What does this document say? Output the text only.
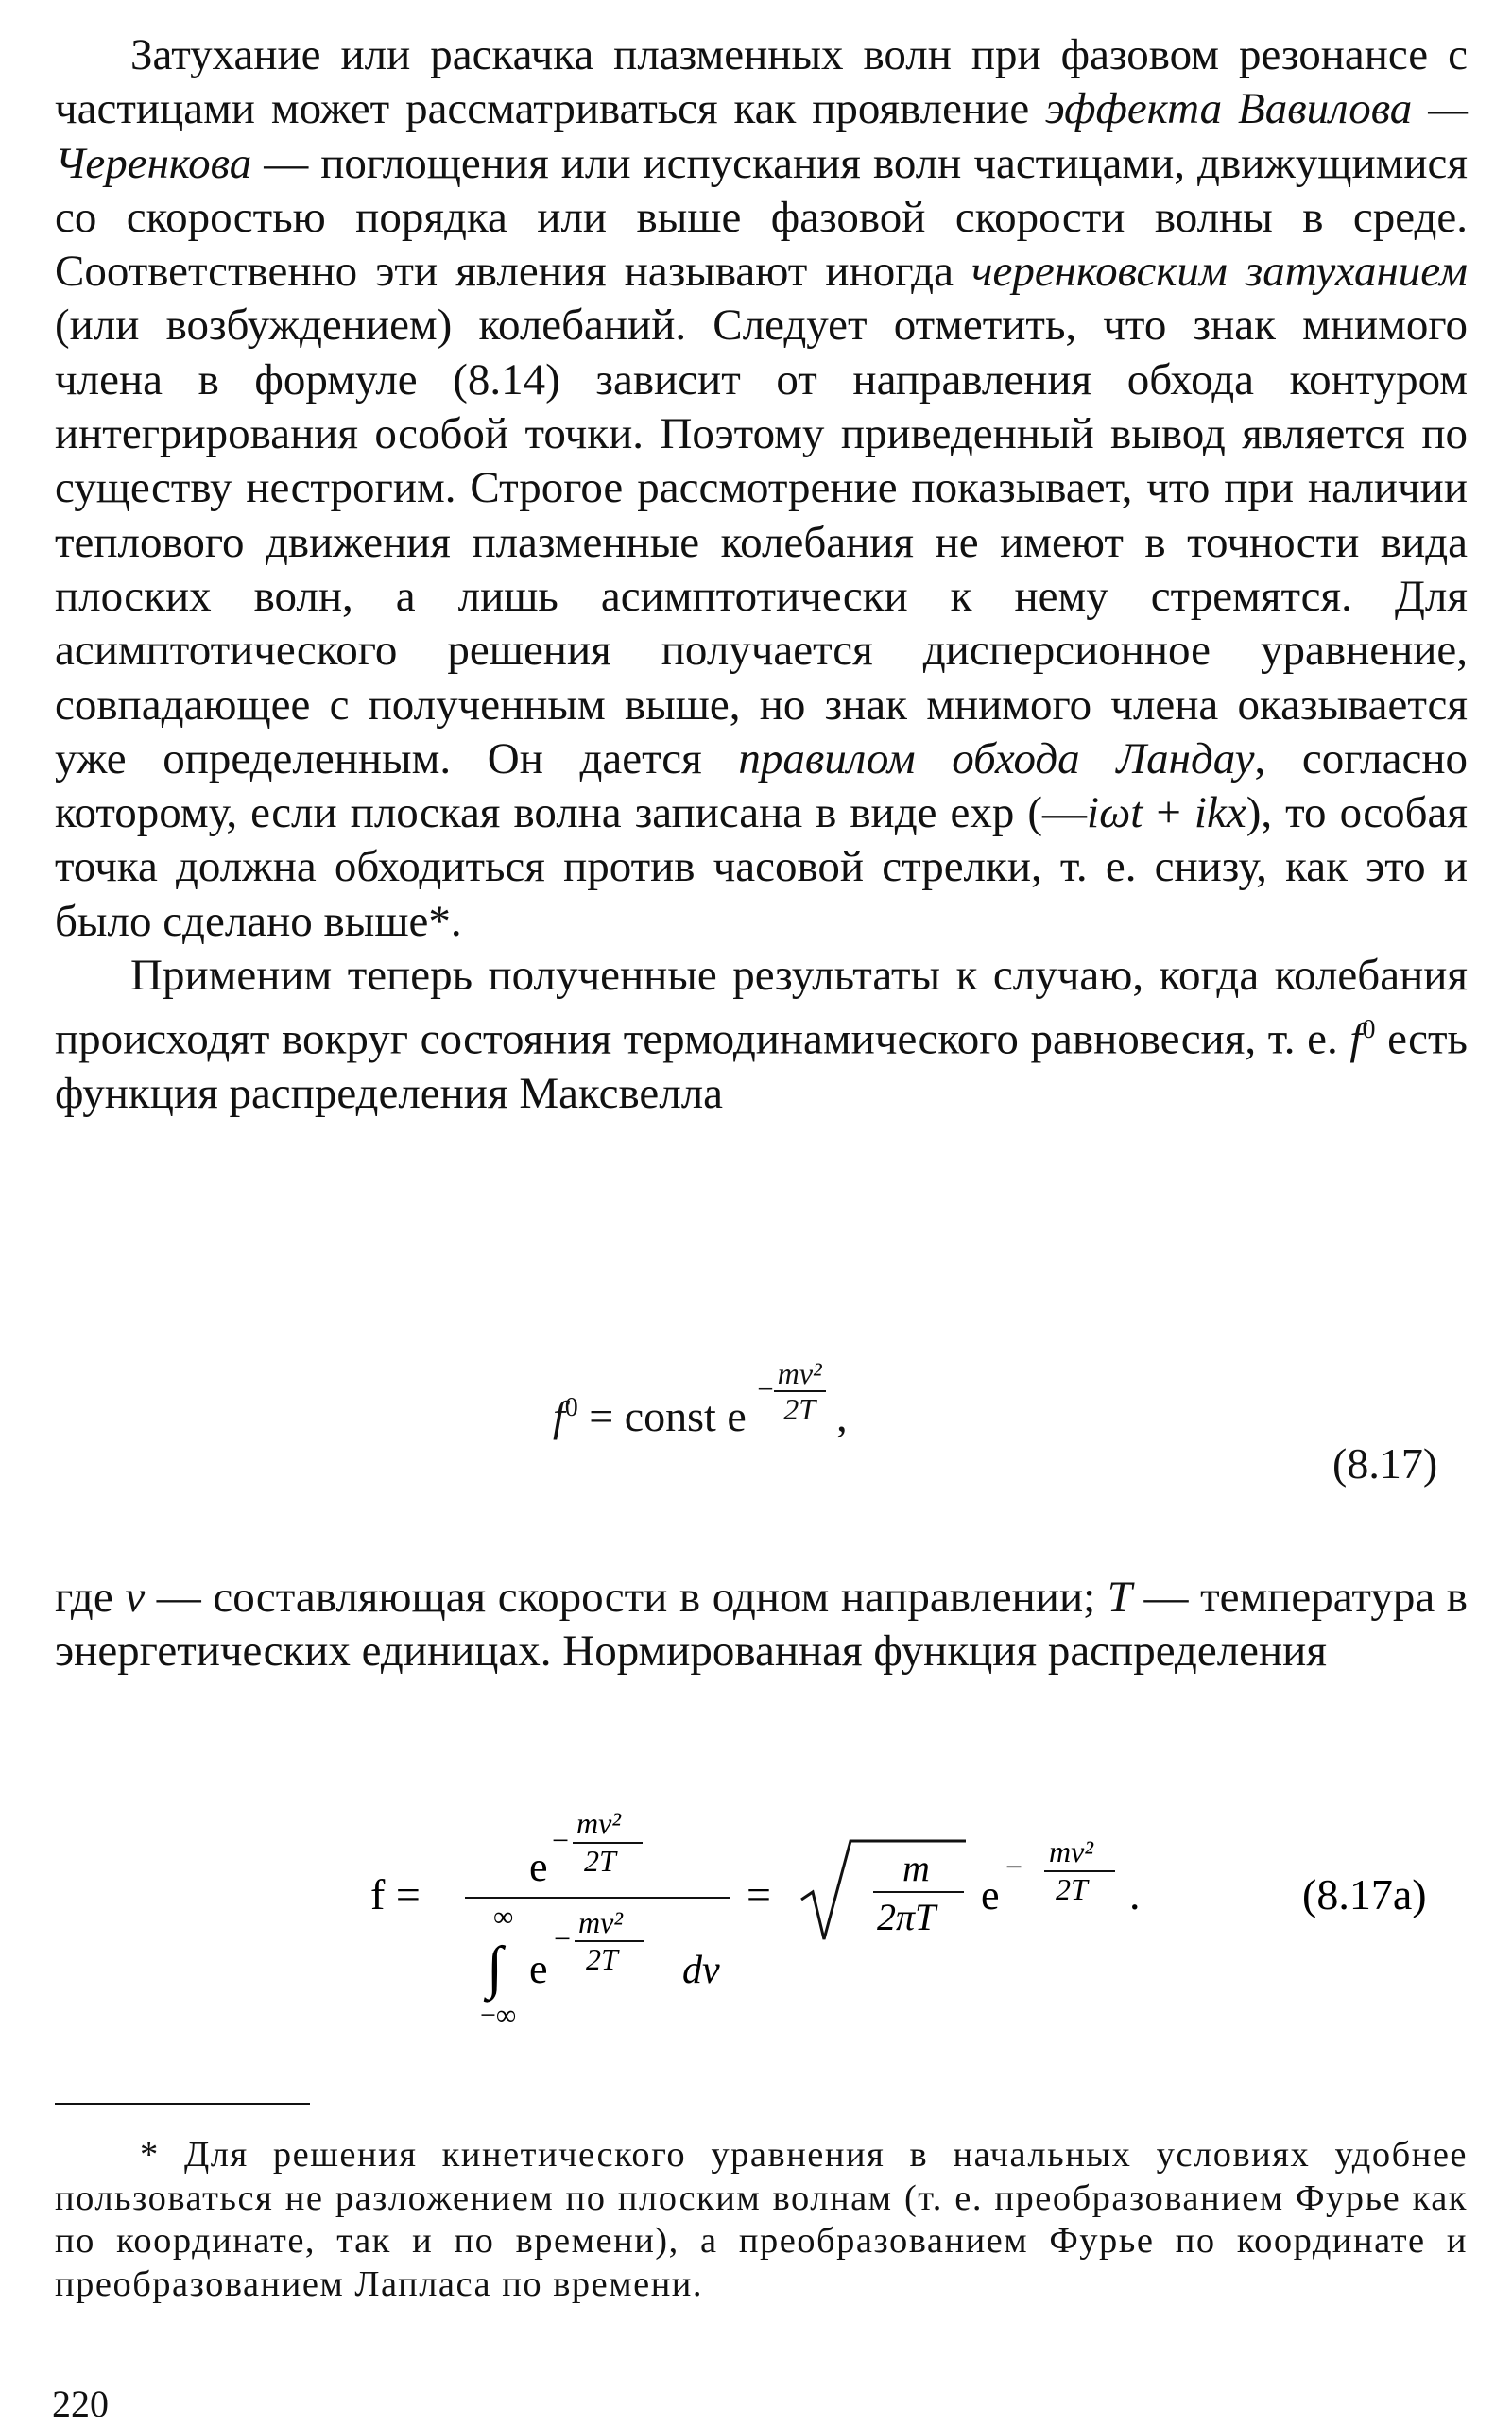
Затухание или раскачка плазменных волн при фазовом резонансе с частицами может рассматриваться как проявление эффекта Вавилова — Черенкова — поглощения или испускания волн частицами, движущимися со скоростью порядка или выше фазовой скорости волны в среде. Соответственно эти явления называют иногда черенковским затуханием (или возбуждением) колебаний. Следует отметить, что знак мнимого члена в формуле (8.14) зависит от направления обхода контуром интегрирования особой точки. Поэтому приведенный вывод является по существу нестрогим. Строгое рассмотрение показывает, что при наличии теплового движения плазменные колебания не имеют в точности вида плоских волн, а лишь асимптотически к нему стремятся. Для асимптотического решения получается дисперсионное уравнение, совпадающее с полученным выше, но знак мнимого члена оказывается уже определенным. Он дается правилом обхода Ландау, согласно которому, если плоская волна записана в виде exp (—iωt + ikx), то особая точка должна обходиться против часовой стрелки, т. е. снизу, как это и было сделано выше*.

Применим теперь полученные результаты к случаю, когда колебания происходят вокруг состояния термодинамического равновесия, т. е. $f^0$ есть функция распределения Максвелла

$f^0$ = const e $^{- \frac{\text{mv²}}{2T}}$ ,
(8.17)

где v — составляющая скорости в одном направлении; T — температура в энергетических единицах. Нормированная функция распределения

f =
e
− mv²
2T
∞
∫
−∞
e
− mv²
2T dv
=
m
2πT e
− mv²
2T .	(8.17a)
* Для решения кинетического уравнения в начальных условиях удобнее пользоваться не разложением по плоским волнам (т. е. преобразованием Фурье как по координате, так и по времени), а преобразованием Фурье по координате и преобразованием Лапласа по времени.
220
